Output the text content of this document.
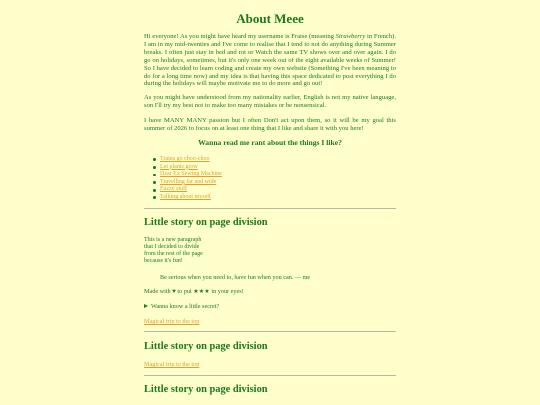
About Meee

Hi everyone! As you might have heard my username is Fraise (meaning Strawberry in French). I am in my mid-twenties and I've come to realise that I tend to not do anything during Summer breaks. I often just stay in bed and rot or Watch the same TV shows over and over again. I do go on holidays, sometimes, but it's only one week out of the eight available weeks of Summer! So I have decided to learn coding and create my own website (Something I've been meaning to do for a long time now) and my idea is that having this space dedicated to post everything I do during the holidays will maybe motivate me to do more and go out!

As you might have understood from my nationality earlier, English is not my native language, son I'll try my best not to make too many mistakes or be nonsensical.

I have MANY MANY passion but I often Don't act upon them, so it will be my goal this summer of 2026 to focus on at least one thing that I like and share it with you here!

Wanna read me rant about the things I like?
Trains go choo-choo
Let plants grow
Dear Ex Sewing Machine
Travelling far and wide
Fuzzy stuff
Talking about myself
Little story on page division

This is a new paragraph

that I decided to divide

from the rest of the page

because it's fun!

Be serious when you need to, have fun when you can. — me
Made with ♥ to put ★★★ in your eyes!
Wanna know a little secret?
Magical trip to the top
Little story on page division
Magical trip to the top
Little story on page division
